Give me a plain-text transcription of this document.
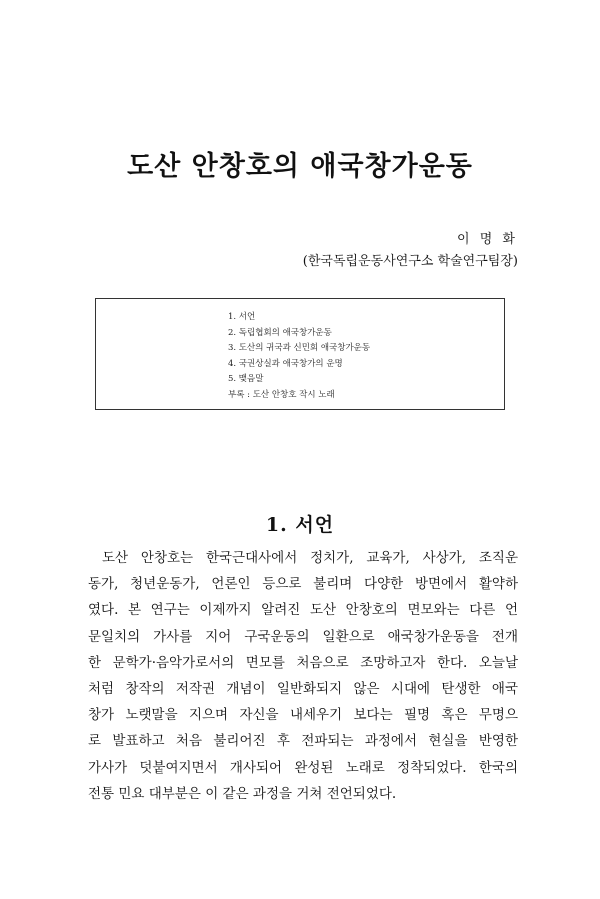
도산 안창호의 애국창가운동
이 명 화
(한국독립운동사연구소 학술연구팀장)
1. 서언
2. 독립협회의 애국창가운동
3. 도산의 귀국과 신민회 애국창가운동
4. 국권상실과 애국창가의 운명
5. 맺음말
부록 : 도산 안창호 작시 노래
1. 서언
도산 안창호는 한국근대사에서 정치가, 교육가, 사상가, 조직운
동가, 청년운동가, 언론인 등으로 불리며 다양한 방면에서 활약하
였다. 본 연구는 이제까지 알려진 도산 안창호의 면모와는 다른 언
문일치의 가사를 지어 구국운동의 일환으로 애국창가운동을 전개
한 문학가·음악가로서의 면모를 처음으로 조망하고자 한다. 오늘날
처럼 창작의 저작권 개념이 일반화되지 않은 시대에 탄생한 애국
창가 노랫말을 지으며 자신을 내세우기 보다는 필명 혹은 무명으
로 발표하고 처음 불리어진 후 전파되는 과정에서 현실을 반영한
가사가 덧붙여지면서 개사되어 완성된 노래로 정착되었다. 한국의
전통 민요 대부분은 이 같은 과정을 거쳐 전언되었다.
